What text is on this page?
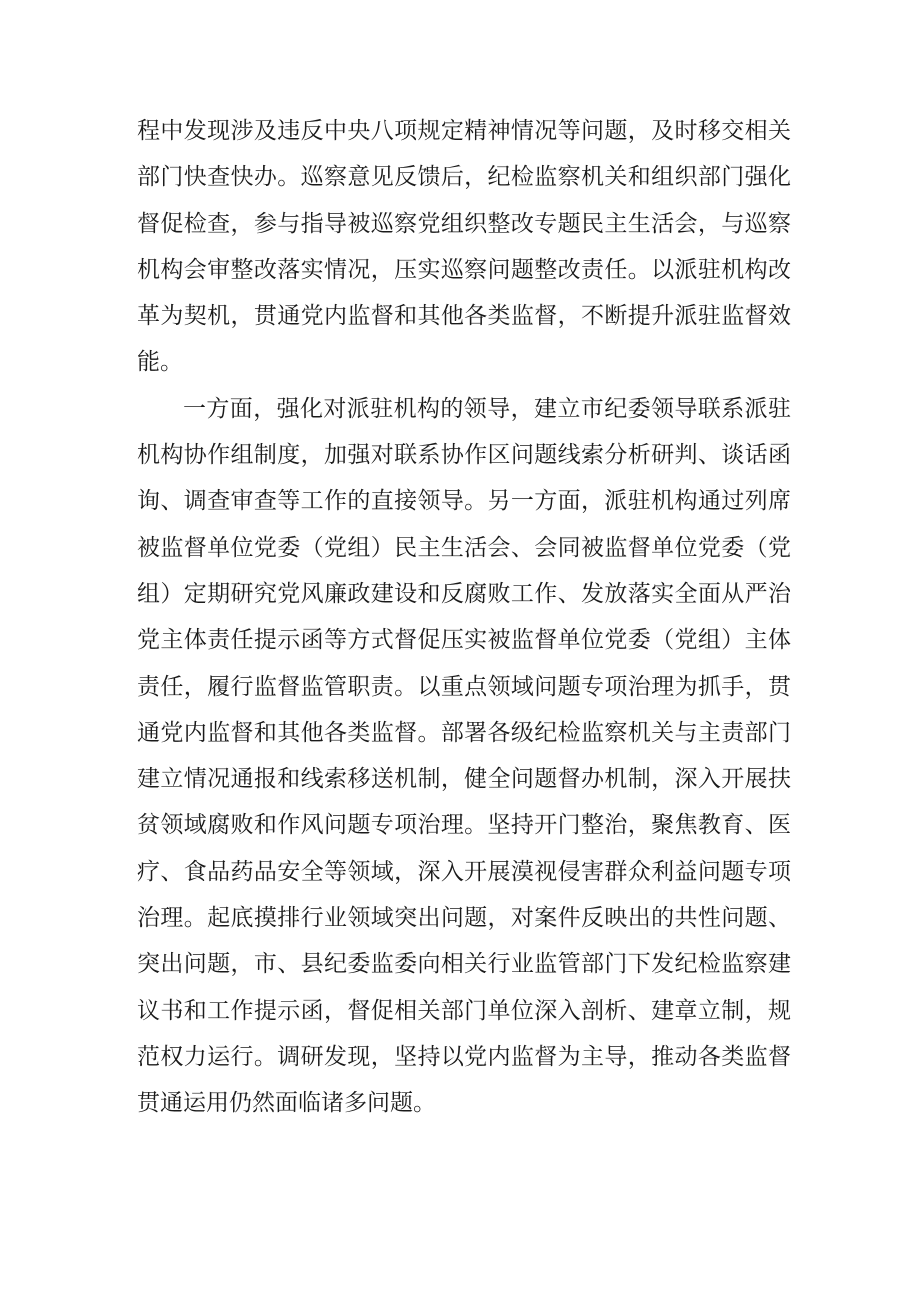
程中发现涉及违反中央八项规定精神情况等问题，及时移交相关
部门快查快办。巡察意见反馈后，纪检监察机关和组织部门强化
督促检查，参与指导被巡察党组织整改专题民主生活会，与巡察
机构会审整改落实情况，压实巡察问题整改责任。以派驻机构改
革为契机，贯通党内监督和其他各类监督，不断提升派驻监督效
能。
一方面，强化对派驻机构的领导，建立市纪委领导联系派驻
机构协作组制度，加强对联系协作区问题线索分析研判、谈话函
询、调查审查等工作的直接领导。另一方面，派驻机构通过列席
被监督单位党委（党组）民主生活会、会同被监督单位党委（党
组）定期研究党风廉政建设和反腐败工作、发放落实全面从严治
党主体责任提示函等方式督促压实被监督单位党委（党组）主体
责任，履行监督监管职责。以重点领域问题专项治理为抓手，贯
通党内监督和其他各类监督。部署各级纪检监察机关与主责部门
建立情况通报和线索移送机制，健全问题督办机制，深入开展扶
贫领域腐败和作风问题专项治理。坚持开门整治，聚焦教育、医
疗、食品药品安全等领域，深入开展漠视侵害群众利益问题专项
治理。起底摸排行业领域突出问题，对案件反映出的共性问题、
突出问题，市、县纪委监委向相关行业监管部门下发纪检监察建
议书和工作提示函，督促相关部门单位深入剖析、建章立制，规
范权力运行。调研发现，坚持以党内监督为主导，推动各类监督
贯通运用仍然面临诸多问题。
